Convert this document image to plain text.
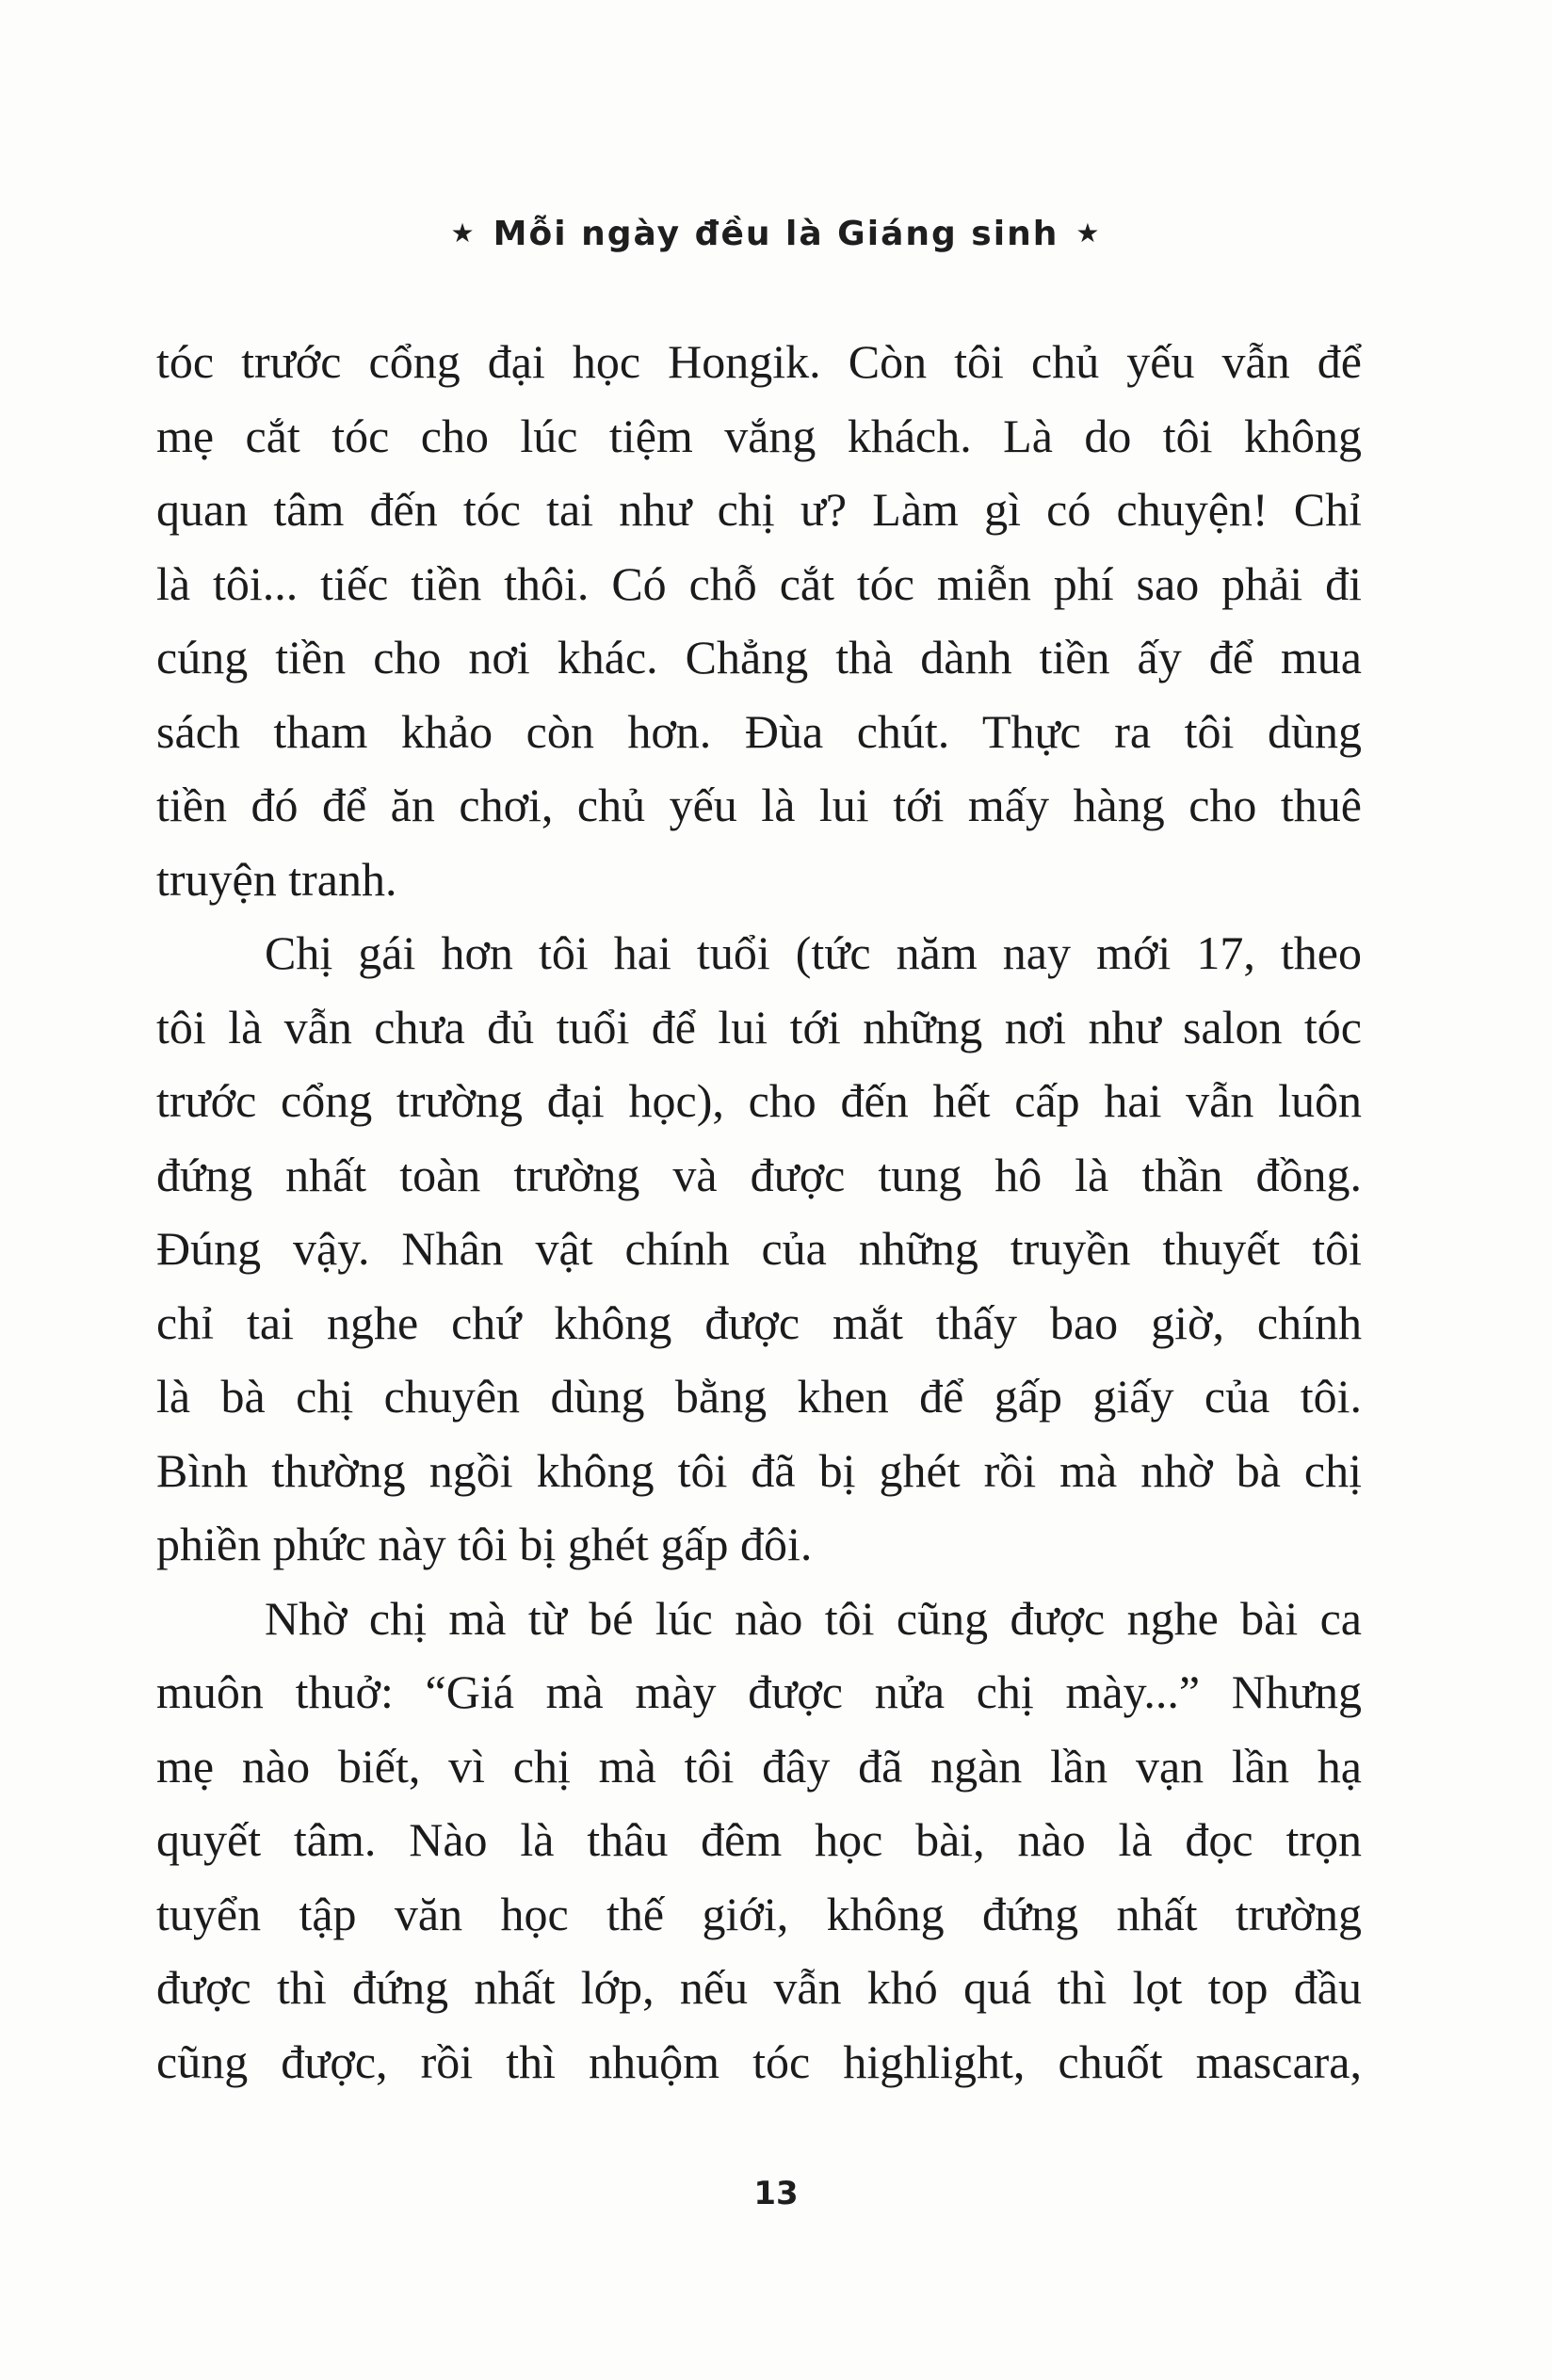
★ Mỗi ngày đều là Giáng sinh ★
tóc trước cổng đại học Hongik. Còn tôi chủ yếu vẫn để
mẹ cắt tóc cho lúc tiệm vắng khách. Là do tôi không
quan tâm đến tóc tai như chị ư? Làm gì có chuyện! Chỉ
là tôi... tiếc tiền thôi. Có chỗ cắt tóc miễn phí sao phải đi
cúng tiền cho nơi khác. Chẳng thà dành tiền ấy để mua
sách tham khảo còn hơn. Đùa chút. Thực ra tôi dùng
tiền đó để ăn chơi, chủ yếu là lui tới mấy hàng cho thuê
truyện tranh.
Chị gái hơn tôi hai tuổi (tức năm nay mới 17, theo
tôi là vẫn chưa đủ tuổi để lui tới những nơi như salon tóc
trước cổng trường đại học), cho đến hết cấp hai vẫn luôn
đứng nhất toàn trường và được tung hô là thần đồng.
Đúng vậy. Nhân vật chính của những truyền thuyết tôi
chỉ tai nghe chứ không được mắt thấy bao giờ, chính
là bà chị chuyên dùng bằng khen để gấp giấy của tôi.
Bình thường ngồi không tôi đã bị ghét rồi mà nhờ bà chị
phiền phức này tôi bị ghét gấp đôi.
Nhờ chị mà từ bé lúc nào tôi cũng được nghe bài ca
muôn thuở: “Giá mà mày được nửa chị mày...” Nhưng
mẹ nào biết, vì chị mà tôi đây đã ngàn lần vạn lần hạ
quyết tâm. Nào là thâu đêm học bài, nào là đọc trọn
tuyển tập văn học thế giới, không đứng nhất trường
được thì đứng nhất lớp, nếu vẫn khó quá thì lọt top đầu
cũng được, rồi thì nhuộm tóc highlight, chuốt mascara,
13
